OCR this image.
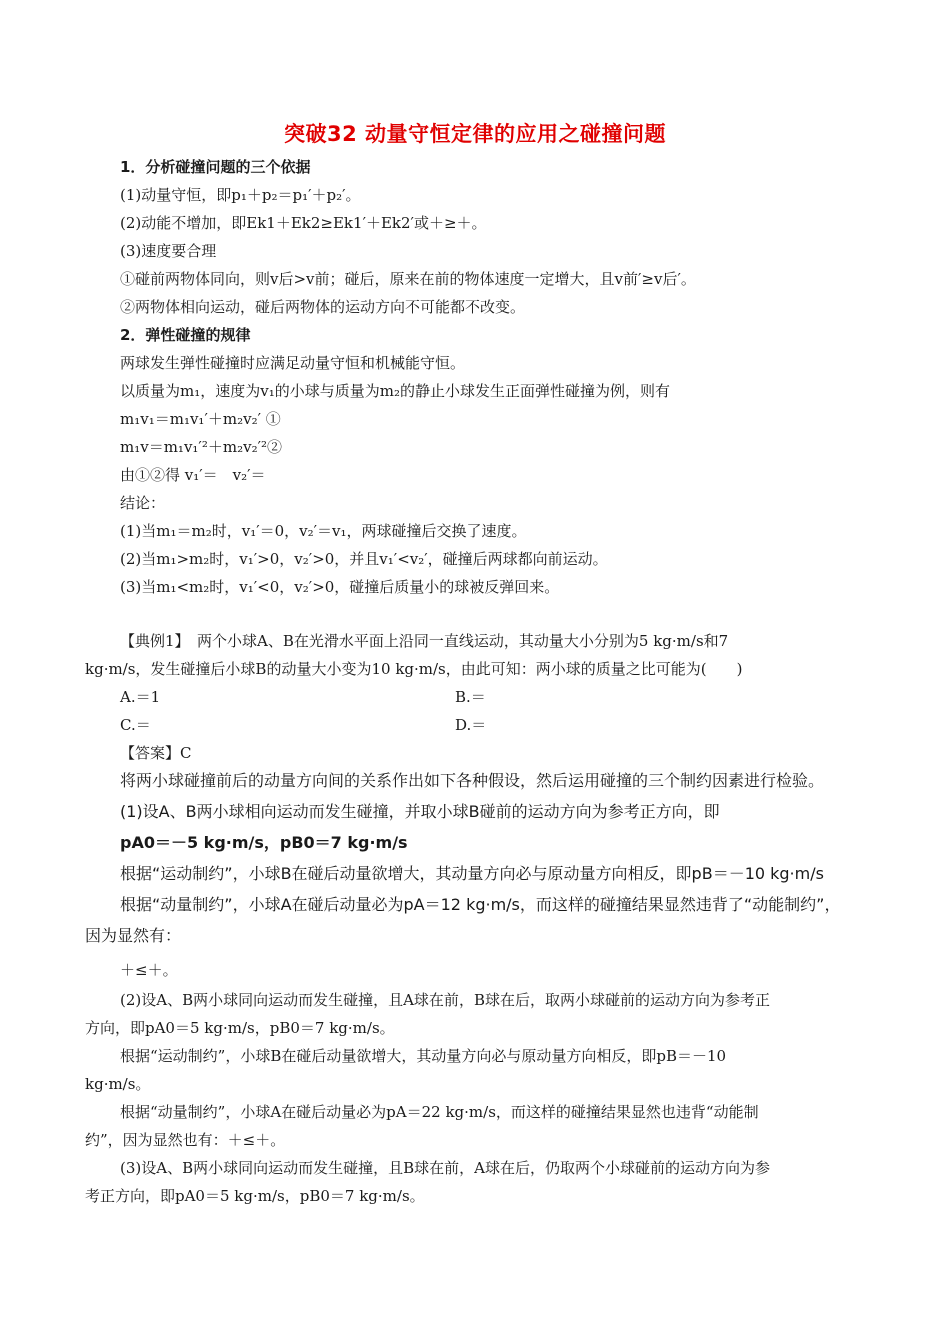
突破32 动量守恒定律的应用之碰撞问题
1．分析碰撞问题的三个依据
(1)动量守恒，即p₁＋p₂＝p₁′＋p₂′。
(2)动能不增加，即Ek1＋Ek2≥Ek1′＋Ek2′或＋≥＋。
(3)速度要合理
①碰前两物体同向，则v后>v前；碰后，原来在前的物体速度一定增大，且v前′≥v后′。
②两物体相向运动，碰后两物体的运动方向不可能都不改变。
2．弹性碰撞的规律
两球发生弹性碰撞时应满足动量守恒和机械能守恒。
以质量为m₁，速度为v₁的小球与质量为m₂的静止小球发生正面弹性碰撞为例，则有
m₁v₁＝m₁v₁′＋m₂v₂′ ①
m₁v＝m₁v₁′²＋m₂v₂′²②
由①②得 v₁′＝　v₂′＝
结论：
(1)当m₁＝m₂时，v₁′＝0，v₂′＝v₁，两球碰撞后交换了速度。
(2)当m₁>m₂时，v₁′>0，v₂′>0，并且v₁′<v₂′，碰撞后两球都向前运动。
(3)当m₁<m₂时，v₁′<0，v₂′>0，碰撞后质量小的球被反弹回来。
【典例1】　两个小球A、B在光滑水平面上沿同一直线运动，其动量大小分别为5 kg·m/s和7
kg·m/s，发生碰撞后小球B的动量大小变为10 kg·m/s，由此可知：两小球的质量之比可能为(　　)
A.＝1	B.＝
C.＝	D.＝
【答案】C
将两小球碰撞前后的动量方向间的关系作出如下各种假设，然后运用碰撞的三个制约因素进行检验。
(1)设A、B两小球相向运动而发生碰撞，并取小球B碰前的运动方向为参考正方向，即
pA0＝－5 kg·m/s，pB0＝7 kg·m/s
根据“运动制约”，小球B在碰后动量欲增大，其动量方向必与原动量方向相反，即pB＝－10 kg·m/s
根据“动量制约”，小球A在碰后动量必为pA＝12 kg·m/s，而这样的碰撞结果显然违背了“动能制约”，
因为显然有：
＋≤＋。
(2)设A、B两小球同向运动而发生碰撞，且A球在前，B球在后，取两小球碰前的运动方向为参考正
方向，即pA0＝5 kg·m/s，pB0＝7 kg·m/s。
根据“运动制约”，小球B在碰后动量欲增大，其动量方向必与原动量方向相反，即pB＝－10
kg·m/s。
根据“动量制约”，小球A在碰后动量必为pA＝22 kg·m/s，而这样的碰撞结果显然也违背“动能制
约”，因为显然也有：＋≤＋。
(3)设A、B两小球同向运动而发生碰撞，且B球在前，A球在后，仍取两个小球碰前的运动方向为参
考正方向，即pA0＝5 kg·m/s，pB0＝7 kg·m/s。
